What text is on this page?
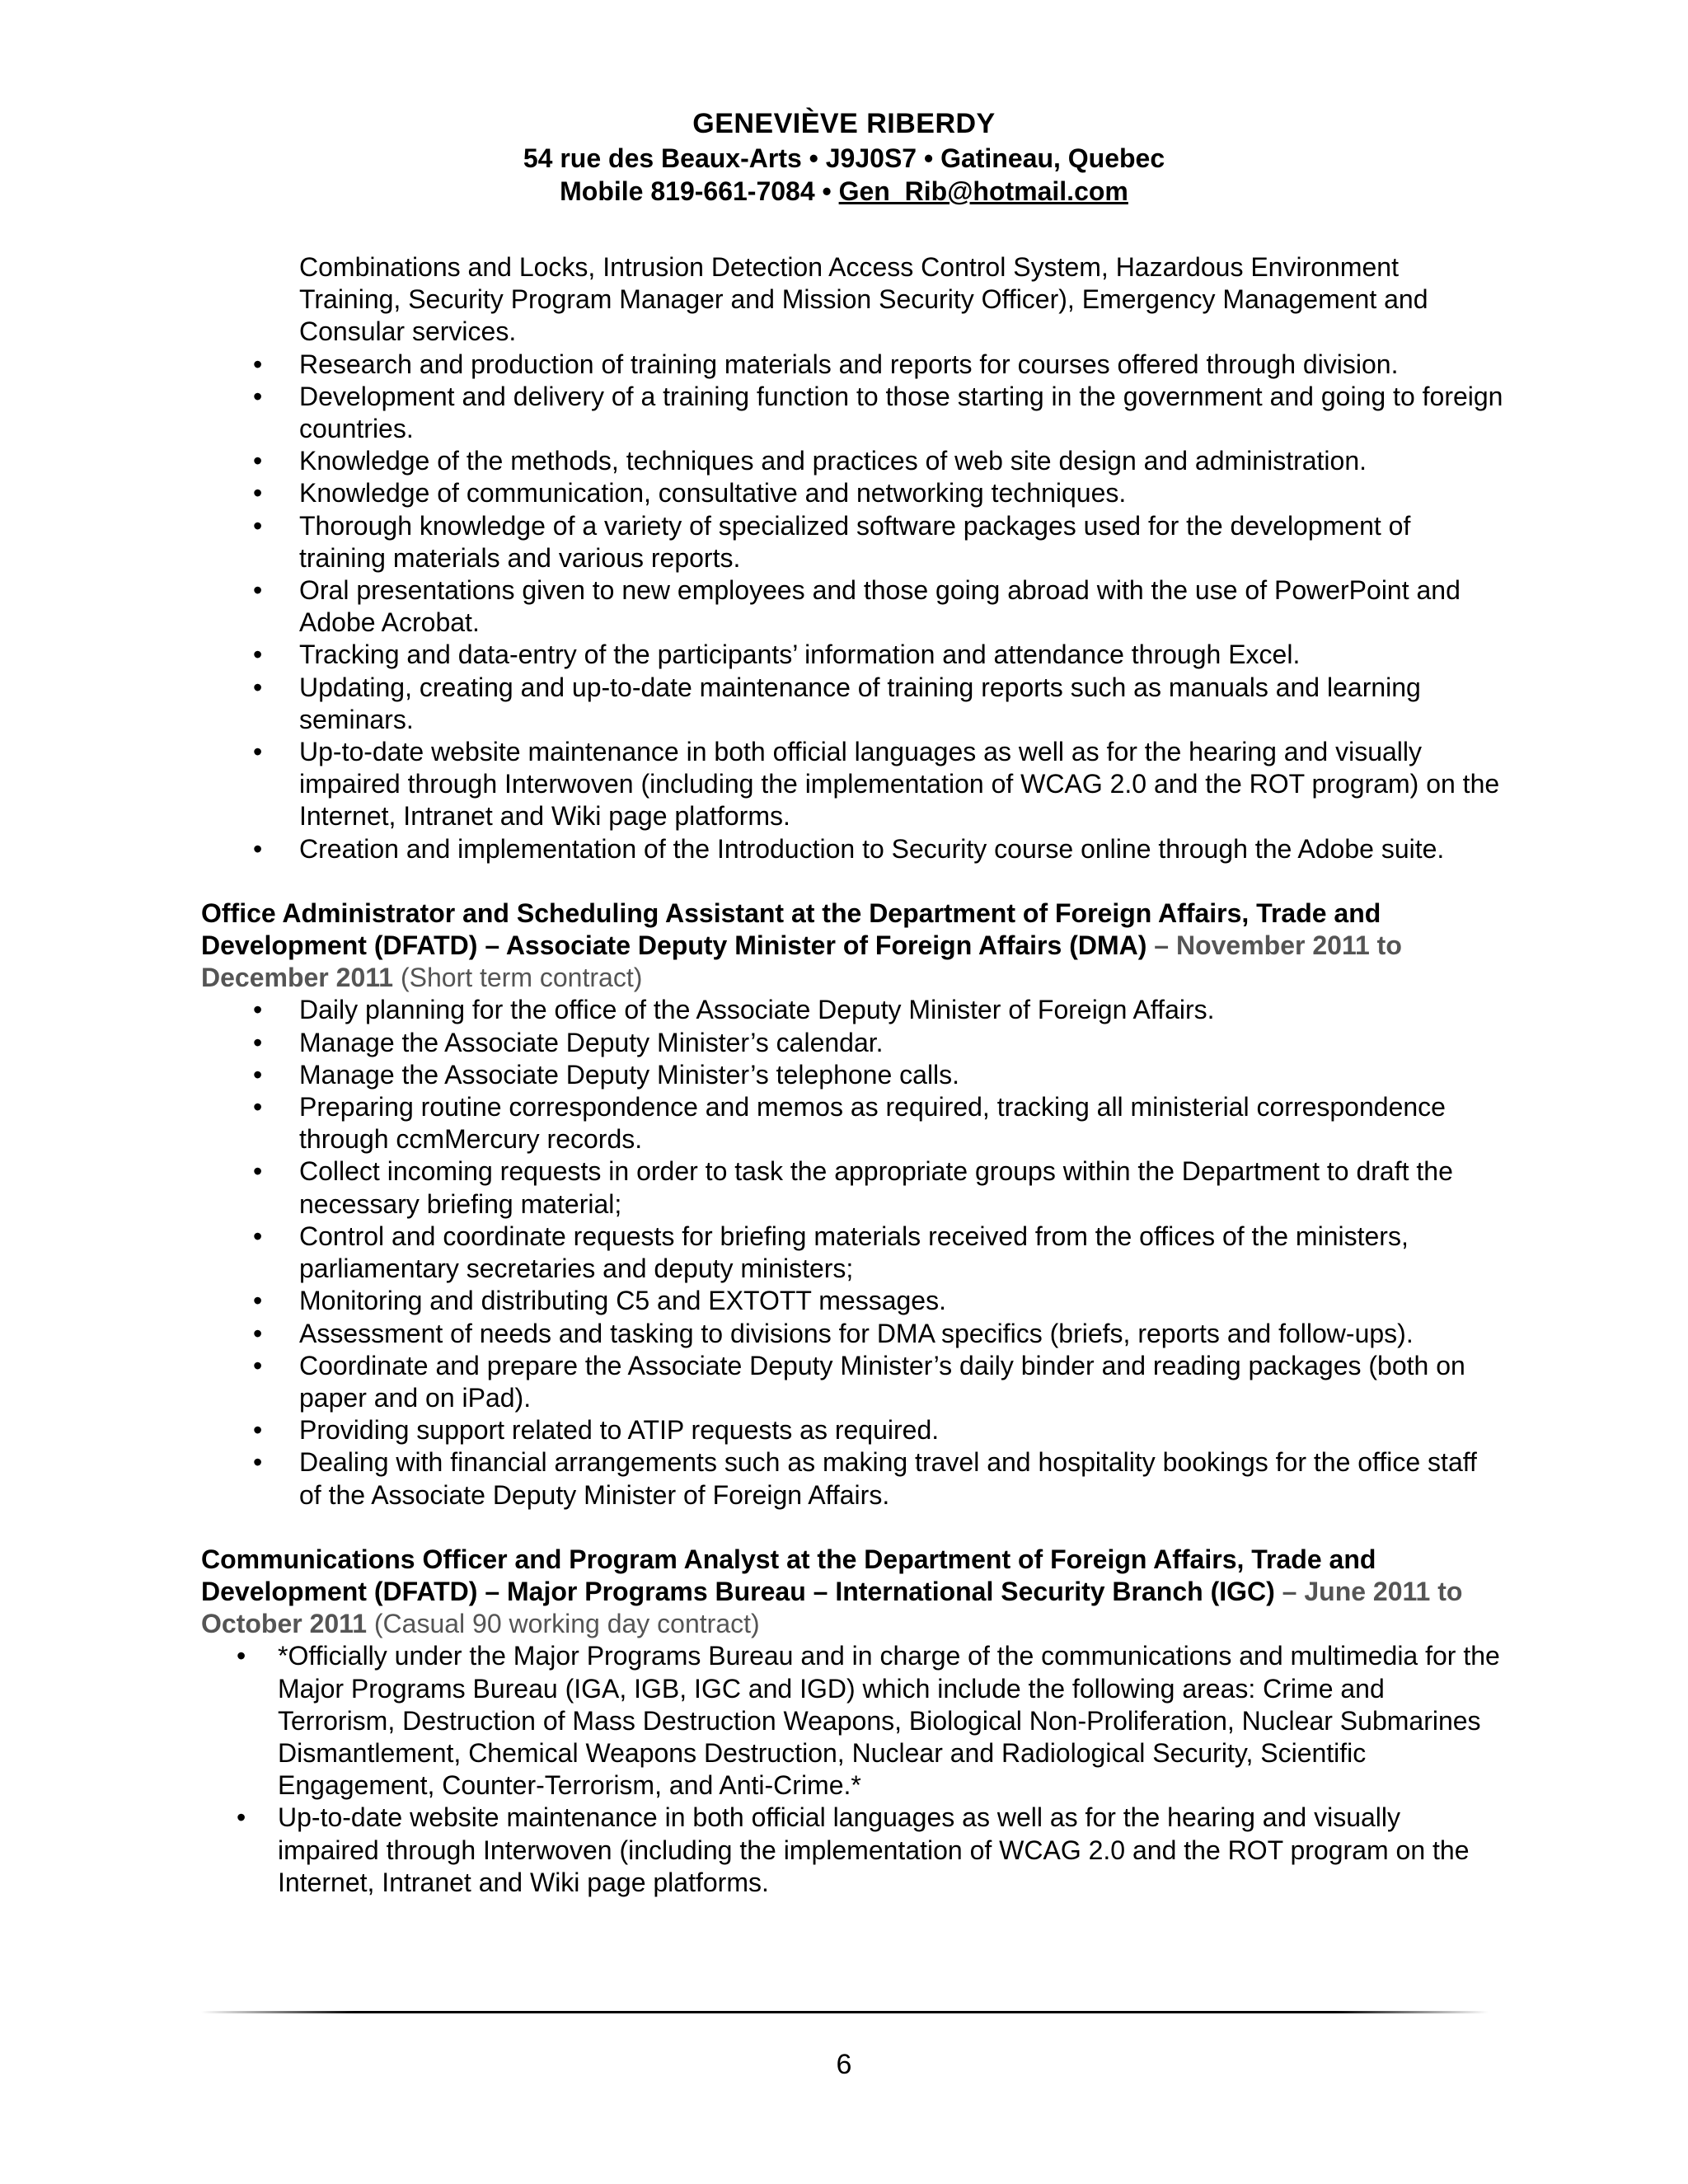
GENEVIÈVE RIBERDY
54 rue des Beaux-Arts • J9J0S7 • Gatineau, Quebec
Mobile 819-661-7084 • Gen_Rib@hotmail.com
Combinations and Locks, Intrusion Detection Access Control System, Hazardous Environment Training, Security Program Manager and Mission Security Officer), Emergency Management and Consular services.
• Research and production of training materials and reports for courses offered through division.
• Development and delivery of a training function to those starting in the government and going to foreign countries.
• Knowledge of the methods, techniques and practices of web site design and administration.
• Knowledge of communication, consultative and networking techniques.
• Thorough knowledge of a variety of specialized software packages used for the development of training materials and various reports.
• Oral presentations given to new employees and those going abroad with the use of PowerPoint and Adobe Acrobat.
• Tracking and data-entry of the participants’ information and attendance through Excel.
• Updating, creating and up-to-date maintenance of training reports such as manuals and learning seminars.
• Up-to-date website maintenance in both official languages as well as for the hearing and visually impaired through Interwoven (including the implementation of WCAG 2.0 and the ROT program) on the Internet, Intranet and Wiki page platforms.
• Creation and implementation of the Introduction to Security course online through the Adobe suite.
Office Administrator and Scheduling Assistant at the Department of Foreign Affairs, Trade and Development (DFATD) – Associate Deputy Minister of Foreign Affairs (DMA) – November 2011 to December 2011 (Short term contract)
• Daily planning for the office of the Associate Deputy Minister of Foreign Affairs.
• Manage the Associate Deputy Minister’s calendar.
• Manage the Associate Deputy Minister’s telephone calls.
• Preparing routine correspondence and memos as required, tracking all ministerial correspondence through ccmMercury records.
• Collect incoming requests in order to task the appropriate groups within the Department to draft the necessary briefing material;
• Control and coordinate requests for briefing materials received from the offices of the ministers, parliamentary secretaries and deputy ministers;
• Monitoring and distributing C5 and EXTOTT messages.
• Assessment of needs and tasking to divisions for DMA specifics (briefs, reports and follow-ups).
• Coordinate and prepare the Associate Deputy Minister’s daily binder and reading packages (both on paper and on iPad).
• Providing support related to ATIP requests as required.
• Dealing with financial arrangements such as making travel and hospitality bookings for the office staff of the Associate Deputy Minister of Foreign Affairs.
Communications Officer and Program Analyst at the Department of Foreign Affairs, Trade and Development (DFATD) – Major Programs Bureau – International Security Branch (IGC) – June 2011 to October 2011 (Casual 90 working day contract)
• *Officially under the Major Programs Bureau and in charge of the communications and multimedia for the Major Programs Bureau (IGA, IGB, IGC and IGD) which include the following areas: Crime and Terrorism, Destruction of Mass Destruction Weapons, Biological Non-Proliferation, Nuclear Submarines Dismantlement, Chemical Weapons Destruction, Nuclear and Radiological Security, Scientific Engagement, Counter-Terrorism, and Anti-Crime.*
• Up-to-date website maintenance in both official languages as well as for the hearing and visually impaired through Interwoven (including the implementation of WCAG 2.0 and the ROT program on the Internet, Intranet and Wiki page platforms.
6
